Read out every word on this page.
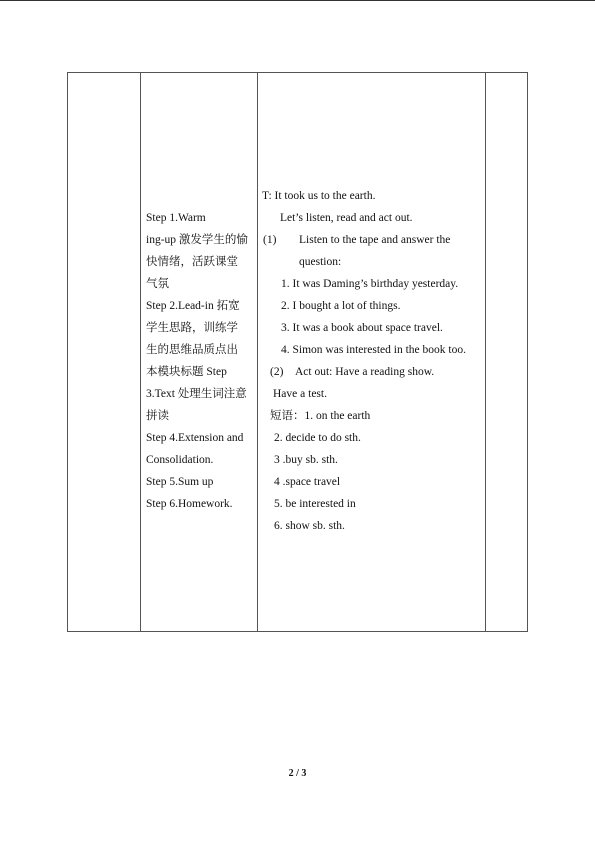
Step 1.Warm
ing-up 激发学生的愉
快情绪，活跃课堂
气氛
Step 2.Lead-in 拓宽
学生思路，训练学
生的思维品质点出
本模块标题 Step
3.Text 处理生词注意
拼读
Step 4.Extension and
Consolidation.
Step 5.Sum up
Step 6.Homework.
T: It took us to the earth.
Let’s listen, read and act out.
(1) Listen to the tape and answer the
question:
1. It was Daming’s birthday yesterday.
2. I bought a lot of things.
3. It was a book about space travel.
4. Simon was interested in the book too.
(2) Act out: Have a reading show.
Have a test.
短语：1. on the earth
2. decide to do sth.
3 .buy sb. sth.
4 .space travel
5. be interested in
6. show sb. sth.
2 / 3
